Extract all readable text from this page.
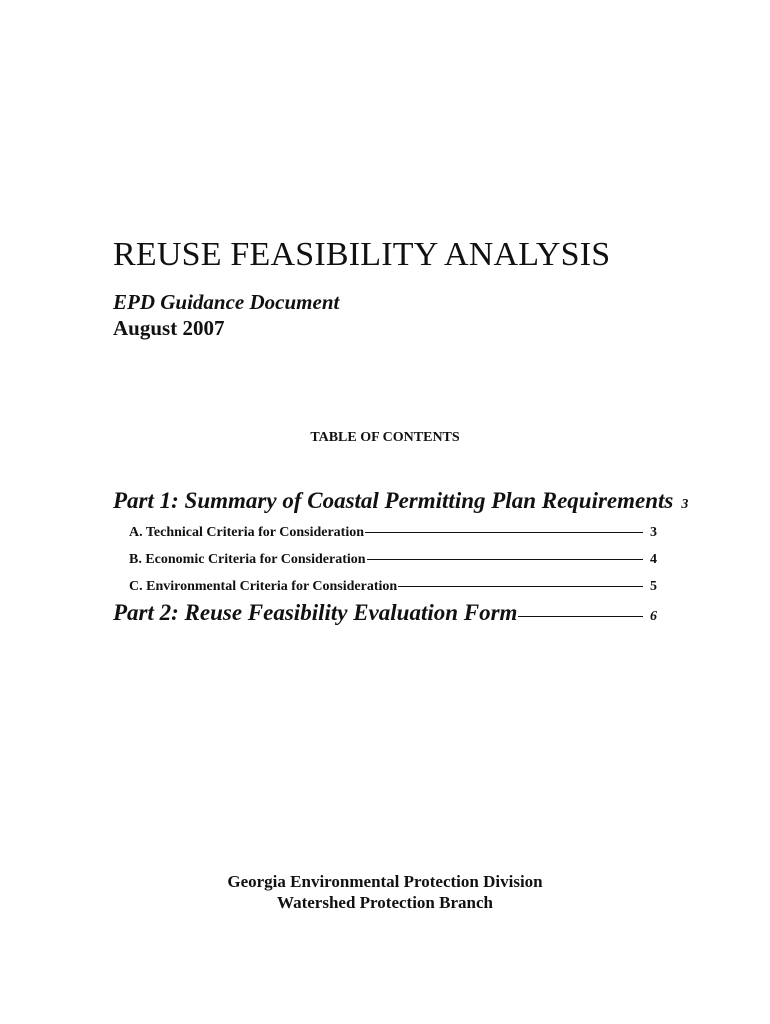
REUSE FEASIBILITY ANALYSIS
EPD Guidance Document
August 2007
TABLE OF CONTENTS
Part 1: Summary of Coastal Permitting Plan Requirements 3
A. Technical Criteria for Consideration	3
B. Economic Criteria for Consideration	4
C. Environmental Criteria for Consideration	5
Part 2: Reuse Feasibility Evaluation Form	6
Georgia Environmental Protection Division
Watershed Protection Branch
